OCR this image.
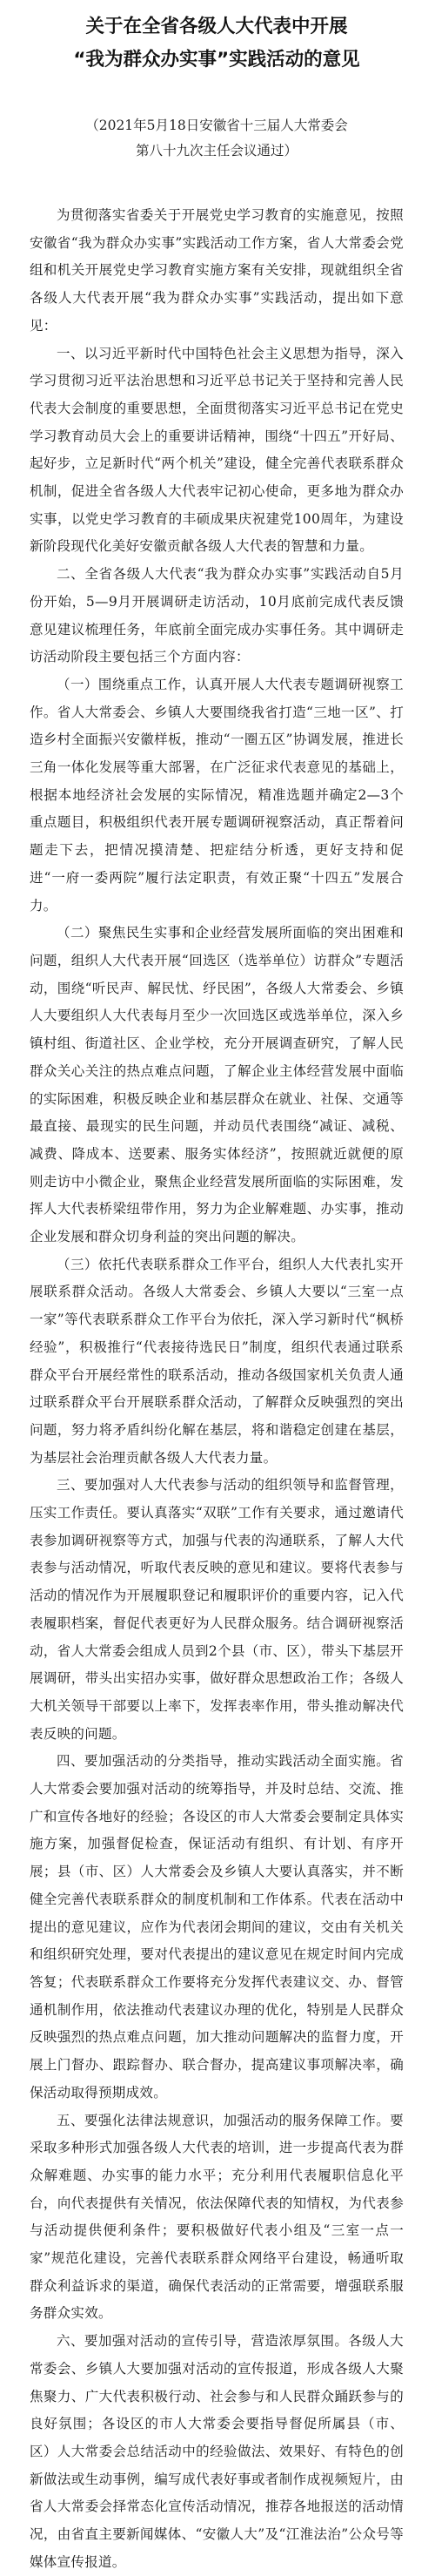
关于在全省各级人大代表中开展
“我为群众办实事”实践活动的意见
（2021年5月18日安徽省十三届人大常委会
第八十九次主任会议通过）

为贯彻落实省委关于开展党史学习教育的实施意见，按照安徽省“我为群众办实事”实践活动工作方案，省人大常委会党组和机关开展党史学习教育实施方案有关安排，现就组织全省各级人大代表开展“我为群众办实事”实践活动，提出如下意见：

一、以习近平新时代中国特色社会主义思想为指导，深入学习贯彻习近平法治思想和习近平总书记关于坚持和完善人民代表大会制度的重要思想，全面贯彻落实习近平总书记在党史学习教育动员大会上的重要讲话精神，围绕“十四五”开好局、起好步，立足新时代“两个机关”建设，健全完善代表联系群众机制，促进全省各级人大代表牢记初心使命，更多地为群众办实事，以党史学习教育的丰硕成果庆祝建党100周年，为建设新阶段现代化美好安徽贡献各级人大代表的智慧和力量。

二、全省各级人大代表“我为群众办实事”实践活动自5月份开始，5—9月开展调研走访活动，10月底前完成代表反馈意见建议梳理任务，年底前全面完成办实事任务。其中调研走访活动阶段主要包括三个方面内容：

（一）围绕重点工作，认真开展人大代表专题调研视察工作。省人大常委会、乡镇人大要围绕我省打造“三地一区”、打造乡村全面振兴安徽样板，推动“一圈五区”协调发展，推进长三角一体化发展等重大部署，在广泛征求代表意见的基础上，根据本地经济社会发展的实际情况，精准选题并确定2—3个重点题目，积极组织代表开展专题调研视察活动，真正帮着问题走下去，把情况摸清楚、把症结分析透，更好支持和促进“一府一委两院”履行法定职责，有效正聚“十四五”发展合力。

（二）聚焦民生实事和企业经营发展所面临的突出困难和问题，组织人大代表开展“回选区（选举单位）访群众”专题活动，围绕“听民声、解民忧、纾民困”，各级人大常委会、乡镇人大要组织人大代表每月至少一次回选区或选举单位，深入乡镇村组、街道社区、企业学校，充分开展调查研究，了解人民群众关心关注的热点难点问题，了解企业主体经营发展中面临的实际困难，积极反映企业和基层群众在就业、社保、交通等最直接、最现实的民生问题，并动员代表围绕“减证、减税、减费、降成本、送要素、服务实体经济”，按照就近就便的原则走访中小微企业，聚焦企业经营发展所面临的实际困难，发挥人大代表桥梁纽带作用，努力为企业解难题、办实事，推动企业发展和群众切身利益的突出问题的解决。

（三）依托代表联系群众工作平台，组织人大代表扎实开展联系群众活动。各级人大常委会、乡镇人大要以“三室一点一家”等代表联系群众工作平台为依托，深入学习新时代“枫桥经验”，积极推行“代表接待选民日”制度，组织代表通过联系群众平台开展经常性的联系活动，推动各级国家机关负责人通过联系群众平台开展联系群众活动，了解群众反映强烈的突出问题，努力将矛盾纠纷化解在基层，将和谐稳定创建在基层，为基层社会治理贡献各级人大代表力量。

三、要加强对人大代表参与活动的组织领导和监督管理，压实工作责任。要认真落实“双联”工作有关要求，通过邀请代表参加调研视察等方式，加强与代表的沟通联系，了解人大代表参与活动情况，听取代表反映的意见和建议。要将代表参与活动的情况作为开展履职登记和履职评价的重要内容，记入代表履职档案，督促代表更好为人民群众服务。结合调研视察活动，省人大常委会组成人员到2个县（市、区），带头下基层开展调研，带头出实招办实事，做好群众思想政治工作；各级人大机关领导干部要以上率下，发挥表率作用，带头推动解决代表反映的问题。

四、要加强活动的分类指导，推动实践活动全面实施。省人大常委会要加强对活动的统筹指导，并及时总结、交流、推广和宣传各地好的经验；各设区的市人大常委会要制定具体实施方案，加强督促检查，保证活动有组织、有计划、有序开展；县（市、区）人大常委会及乡镇人大要认真落实，并不断健全完善代表联系群众的制度机制和工作体系。代表在活动中提出的意见建议，应作为代表闭会期间的建议，交由有关机关和组织研究处理，要对代表提出的建议意见在规定时间内完成答复；代表联系群众工作要将充分发挥代表建议交、办、督管通机制作用，依法推动代表建议办理的优化，特别是人民群众反映强烈的热点难点问题，加大推动问题解决的监督力度，开展上门督办、跟踪督办、联合督办，提高建议事项解决率，确保活动取得预期成效。

五、要强化法律法规意识，加强活动的服务保障工作。要采取多种形式加强各级人大代表的培训，进一步提高代表为群众解难题、办实事的能力水平；充分利用代表履职信息化平台，向代表提供有关情况，依法保障代表的知情权，为代表参与活动提供便利条件；要积极做好代表小组及“三室一点一家”规范化建设，完善代表联系群众网络平台建设，畅通听取群众利益诉求的渠道，确保代表活动的正常需要，增强联系服务群众实效。

六、要加强对活动的宣传引导，营造浓厚氛围。各级人大常委会、乡镇人大要加强对活动的宣传报道，形成各级人大聚焦聚力、广大代表积极行动、社会参与和人民群众踊跃参与的良好氛围；各设区的市人大常委会要指导督促所属县（市、区）人大常委会总结活动中的经验做法、效果好、有特色的创新做法或生动事例，编写成代表好事或者制作成视频短片，由省人大常委会择常态化宣传活动情况，推荐各地报送的活动情况，由省直主要新闻媒体、“安徽人大”及“江淮法治”公众号等媒体宣传报道。
